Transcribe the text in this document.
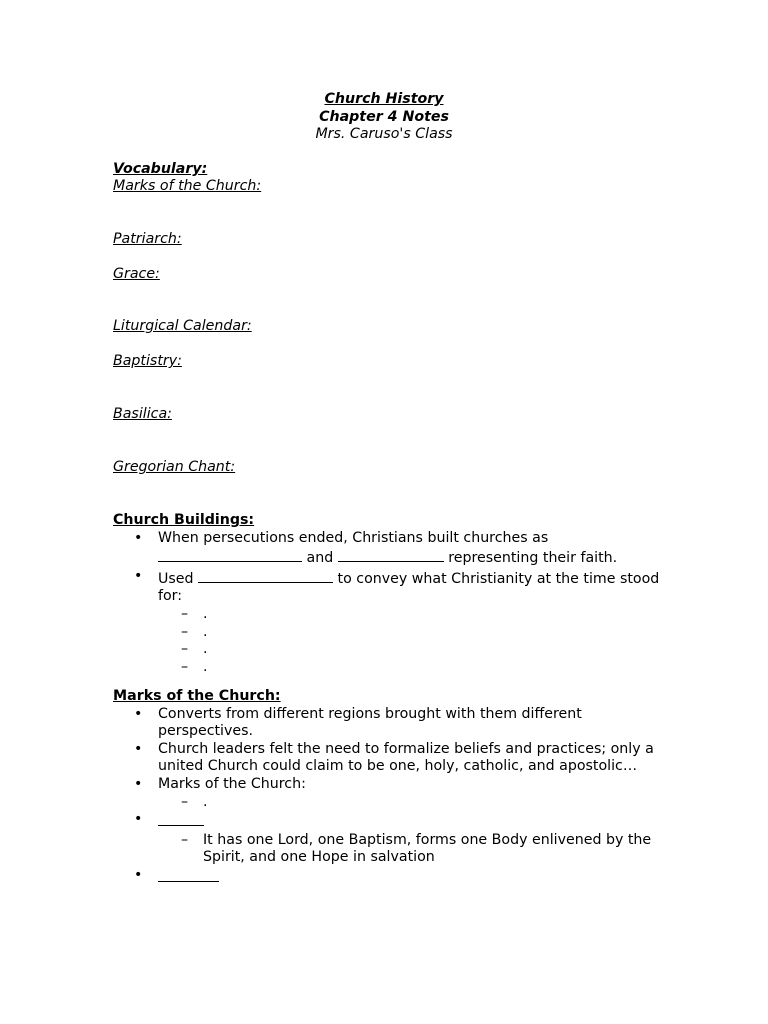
Church History
Chapter 4 Notes
Mrs. Caruso's Class
Vocabulary:
Marks of the Church:
Patriarch:
Grace:
Liturgical Calendar:
Baptistry:
Basilica:
Gregorian Chant:
Church Buildings:
• When persecutions ended, Christians built churches as  and	representing their faith.
• Used	to convey what Christianity at the time stood for:
– .
– .
– .
– .
Marks of the Church:
• Converts from different regions brought with them different perspectives.
• Church leaders felt the need to formalize beliefs and practices; only a united Church could claim to be one, holy, catholic, and apostolic…
• Marks of the Church:
– .
•
– It has one Lord, one Baptism, forms one Body enlivened by the Spirit, and one Hope in salvation
•
